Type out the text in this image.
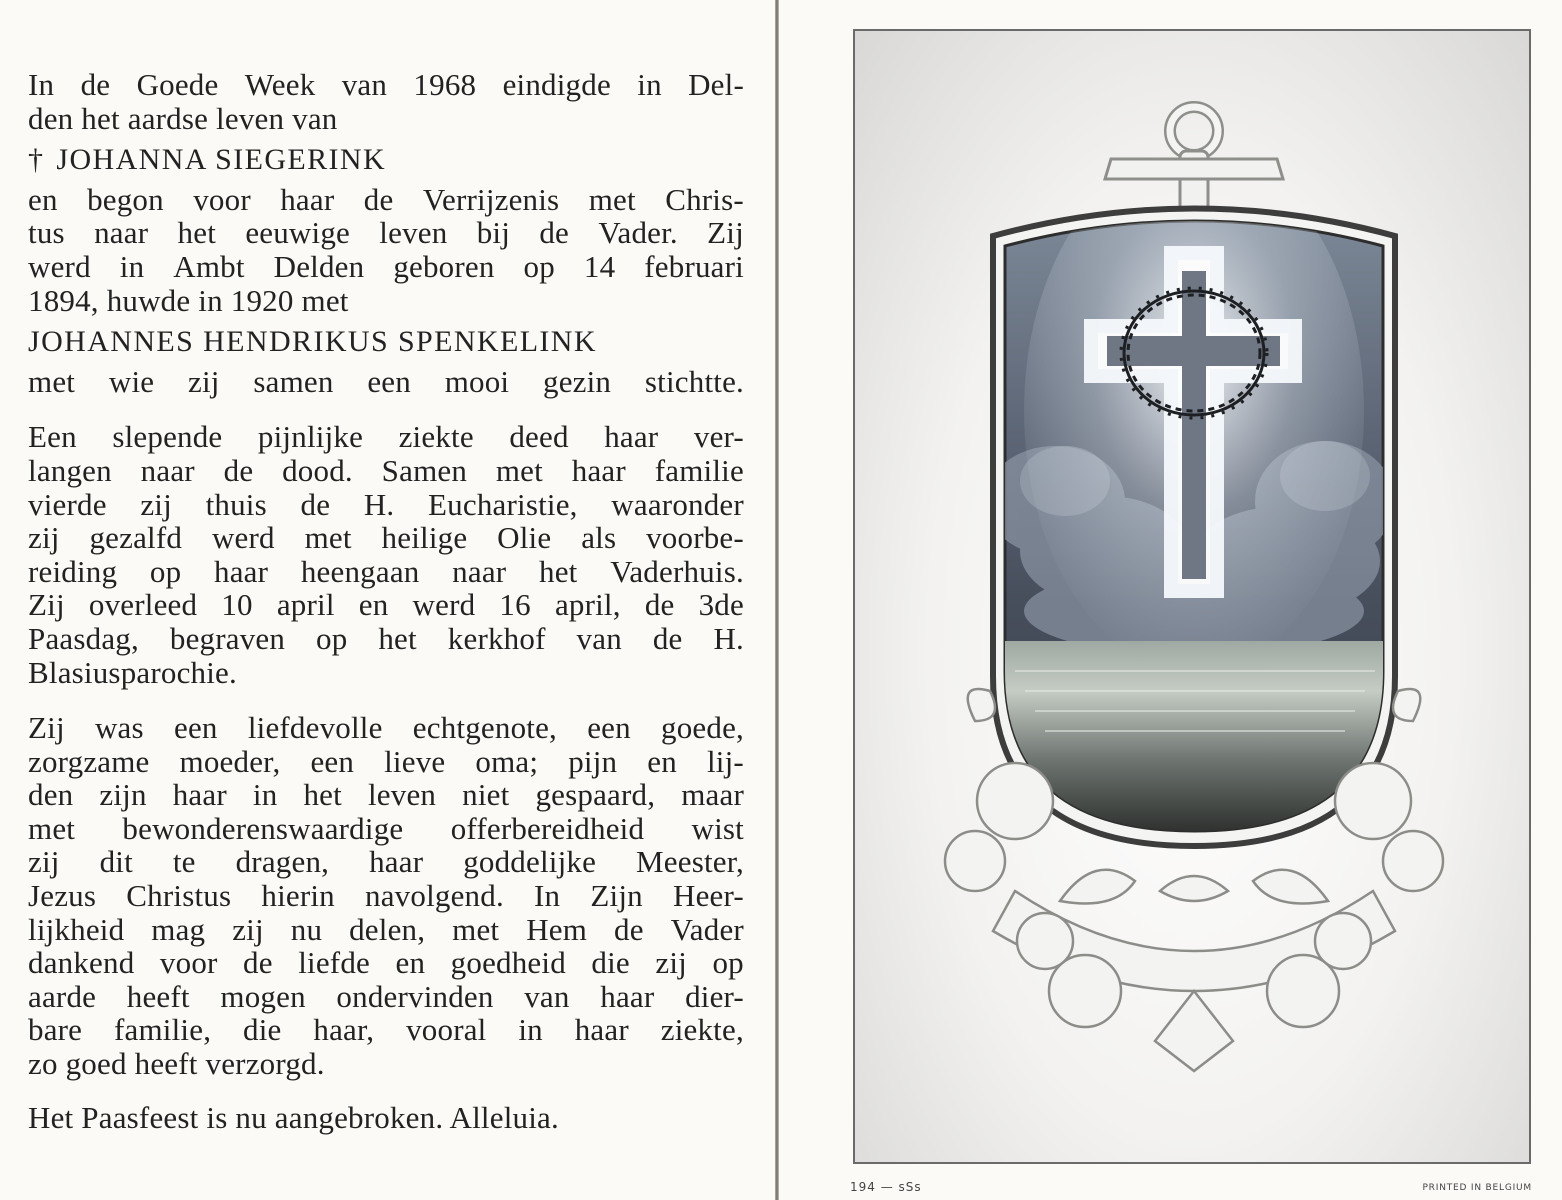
In de Goede Week van 1968 eindigde in Del-
den het aardse leven van
† JOHANNA SIEGERINK
en begon voor haar de Verrijzenis met Chris-
tus naar het eeuwige leven bij de Vader. Zij
werd in Ambt Delden geboren op 14 februari
1894, huwde in 1920 met
JOHANNES HENDRIKUS SPENKELINK
met wie zij samen een mooi gezin stichtte.
Een slepende pijnlijke ziekte deed haar ver-
langen naar de dood. Samen met haar familie
vierde zij thuis de H. Eucharistie, waaronder
zij gezalfd werd met heilige Olie als voorbe-
reiding op haar heengaan naar het Vaderhuis.
Zij overleed 10 april en werd 16 april, de 3de
Paasdag, begraven op het kerkhof van de H.
Blasiusparochie.
Zij was een liefdevolle echtgenote, een goede,
zorgzame moeder, een lieve oma; pijn en lij-
den zijn haar in het leven niet gespaard, maar
met bewonderenswaardige offerbereidheid wist
zij dit te dragen, haar goddelijke Meester,
Jezus Christus hierin navolgend. In Zijn Heer-
lijkheid mag zij nu delen, met Hem de Vader
dankend voor de liefde en goedheid die zij op
aarde heeft mogen ondervinden van haar dier-
bare familie, die haar, vooral in haar ziekte,
zo goed heeft verzorgd.
Het Paasfeest is nu aangebroken. Alleluia.
194 — sSs	PRINTED IN BELGIUM
